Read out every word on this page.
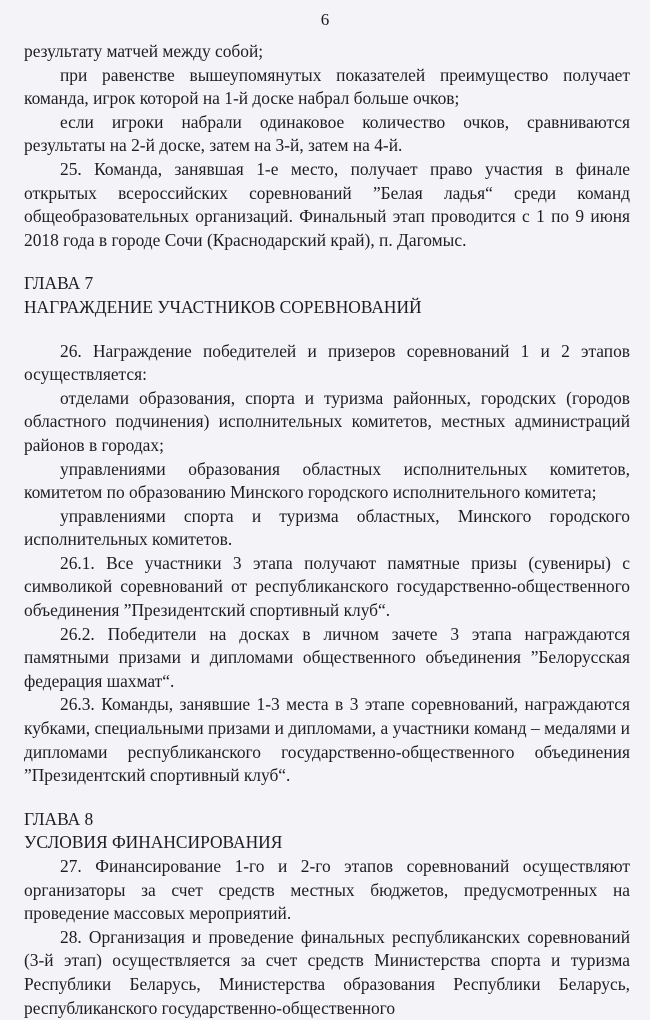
6

результату матчей между собой;

при равенстве вышеупомянутых показателей преимущество получает команда, игрок которой на 1-й доске набрал больше очков;

если игроки набрали одинаковое количество очков, сравниваются результаты на 2-й доске, затем на 3-й, затем на 4-й.

25. Команда, занявшая 1-е место, получает право участия в финале открытых всероссийских соревнований ”Белая ладья“ среди команд общеобразовательных организаций. Финальный этап проводится с 1 по 9 июня 2018 года в городе Сочи (Краснодарский край), п. Дагомыс.

ГЛАВА 7

НАГРАЖДЕНИЕ УЧАСТНИКОВ СОРЕВНОВАНИЙ

26. Награждение победителей и призеров соревнований 1 и 2 этапов осуществляется:

отделами образования, спорта и туризма районных, городских (городов областного подчинения) исполнительных комитетов, местных администраций районов в городах;

управлениями образования областных исполнительных комитетов, комитетом по образованию Минского городского исполнительного комитета;

управлениями спорта и туризма областных, Минского городского исполнительных комитетов.

26.1. Все участники 3 этапа получают памятные призы (сувениры) с символикой соревнований от республиканского государственно-общественного объединения ”Президентский спортивный клуб“.

26.2. Победители на досках в личном зачете 3 этапа награждаются памятными призами и дипломами общественного объединения ”Белорусская федерация шахмат“.

26.3. Команды, занявшие 1-3 места в 3 этапе соревнований, награждаются кубками, специальными призами и дипломами, а участники команд – медалями и дипломами республиканского государственно-общественного объединения ”Президентский спортивный клуб“.

ГЛАВА 8

УСЛОВИЯ ФИНАНСИРОВАНИЯ

27. Финансирование 1-го и 2-го этапов соревнований осуществляют организаторы за счет средств местных бюджетов, предусмотренных на проведение массовых мероприятий.

28. Организация и проведение финальных республиканских соревнований (3-й этап) осуществляется за счет средств Министерства спорта и туризма Республики Беларусь, Министерства образования Республики Беларусь, республиканского государственно-общественного
